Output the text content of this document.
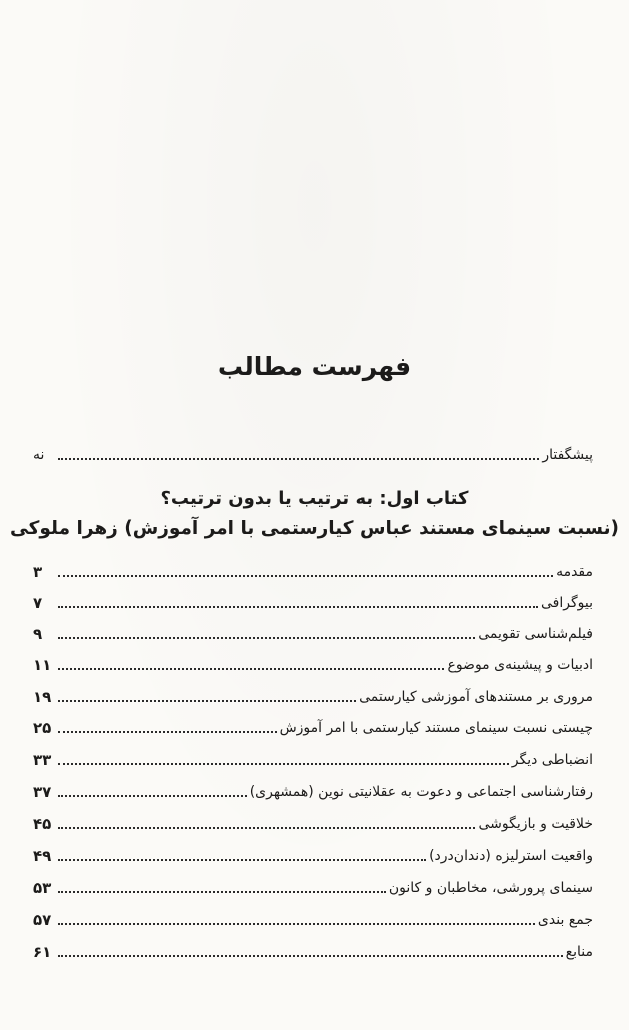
فهرست مطالب
پیشگفتار
نه
کتاب اول: به ترتیب یا بدون ترتیب؟
(نسبت سینمای مستند عباس کیارستمی با امر آموزش) زهرا ملوکی
مقدمه
۳
بیوگرافی
۷
فیلم‌شناسی تقویمی
۹
ادبیات و پیشینه‌ی موضوع
۱۱
مروری بر مستندهای آموزشی کیارستمی
۱۹
چیستی نسبت سینمای مستند کیارستمی با امر آموزش
۲۵
انضباطی دیگر
۳۳
رفتارشناسی اجتماعی و دعوت به عقلانیتی نوین (همشهری)
۳۷
خلاقیت و بازیگوشی
۴۵
واقعیت استرلیزه (دندان‌درد)
۴۹
سینمای پرورشی، مخاطبان و کانون
۵۳
جمع بندی
۵۷
منابع
۶۱
